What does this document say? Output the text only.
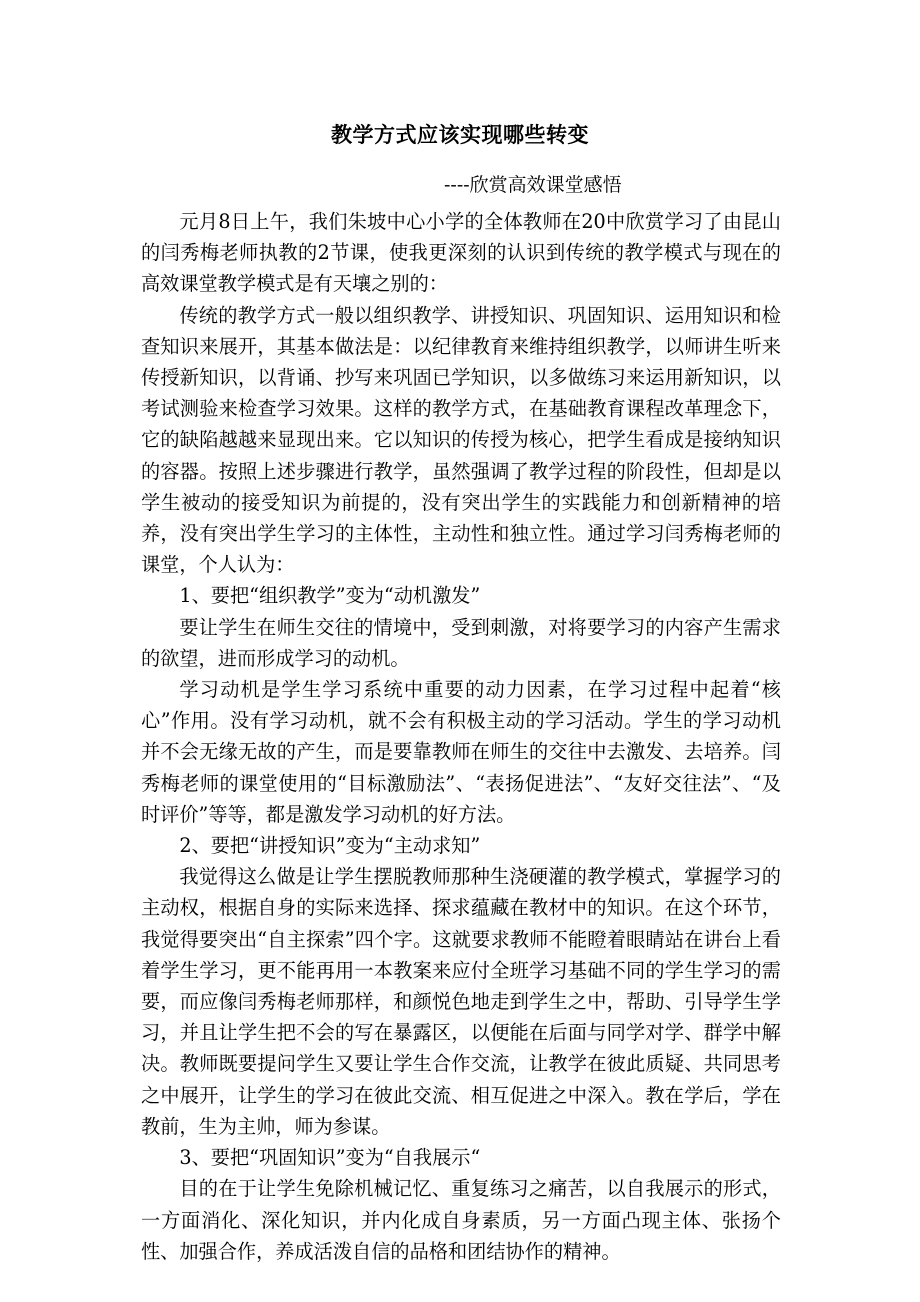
教学方式应该实现哪些转变
----欣赏高效课堂感悟

元月8日上午，我们朱坡中心小学的全体教师在20中欣赏学习了由昆山的闫秀梅老师执教的2节课，使我更深刻的认识到传统的教学模式与现在的高效课堂教学模式是有天壤之别的：

传统的教学方式一般以组织教学、讲授知识、巩固知识、运用知识和检查知识来展开，其基本做法是：以纪律教育来维持组织教学，以师讲生听来传授新知识，以背诵、抄写来巩固已学知识，以多做练习来运用新知识，以考试测验来检查学习效果。这样的教学方式，在基础教育课程改革理念下，它的缺陷越越来显现出来。它以知识的传授为核心，把学生看成是接纳知识的容器。按照上述步骤进行教学，虽然强调了教学过程的阶段性，但却是以学生被动的接受知识为前提的，没有突出学生的实践能力和创新精神的培养，没有突出学生学习的主体性，主动性和独立性。通过学习闫秀梅老师的课堂，个人认为：

1、要把“组织教学”变为“动机激发”

要让学生在师生交往的情境中，受到刺激，对将要学习的内容产生需求的欲望，进而形成学习的动机。

学习动机是学生学习系统中重要的动力因素，在学习过程中起着“核心”作用。没有学习动机，就不会有积极主动的学习活动。学生的学习动机并不会无缘无故的产生，而是要靠教师在师生的交往中去激发、去培养。闫秀梅老师的课堂使用的“目标激励法”、“表扬促进法”、“友好交往法”、“及时评价”等等，都是激发学习动机的好方法。

2、要把“讲授知识”变为“主动求知”

我觉得这么做是让学生摆脱教师那种生浇硬灌的教学模式，掌握学习的主动权，根据自身的实际来选择、探求蕴藏在教材中的知识。在这个环节，我觉得要突出“自主探索”四个字。这就要求教师不能瞪着眼睛站在讲台上看着学生学习，更不能再用一本教案来应付全班学习基础不同的学生学习的需要，而应像闫秀梅老师那样，和颜悦色地走到学生之中，帮助、引导学生学习，并且让学生把不会的写在暴露区，以便能在后面与同学对学、群学中解决。教师既要提问学生又要让学生合作交流，让教学在彼此质疑、共同思考之中展开，让学生的学习在彼此交流、相互促进之中深入。教在学后，学在教前，生为主帅，师为参谋。

3、要把“巩固知识”变为“自我展示“

目的在于让学生免除机械记忆、重复练习之痛苦，以自我展示的形式，一方面消化、深化知识，并内化成自身素质，另一方面凸现主体、张扬个性、加强合作，养成活泼自信的品格和团结协作的精神。
